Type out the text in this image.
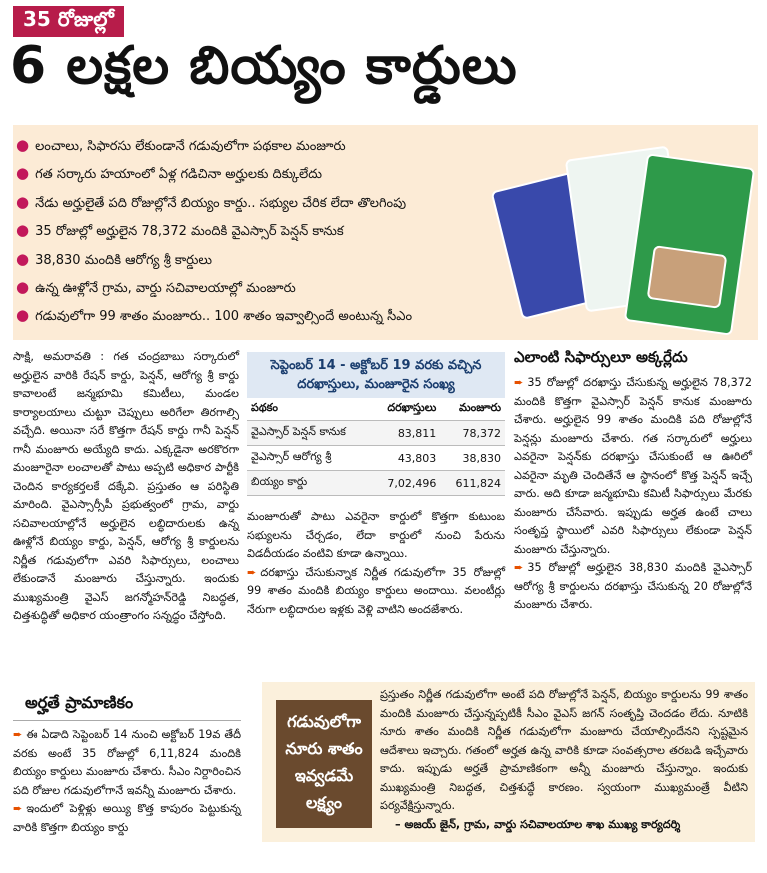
35 రోజుల్లో
6 లక్షల బియ్యం కార్డులు
● లంచాలు, సిఫారసు లేకుండానే గడువులోగా పథకాల మంజూరు
● గత సర్కారు హయాంలో ఏళ్ల గడిచినా అర్హులకు దిక్కులేదు
● నేడు అర్హులైతే పది రోజుల్లోనే బియ్యం కార్డు.. సభ్యుల చేరిక లేదా తొలగింపు
● 35 రోజుల్లో అర్హులైన 78,372 మందికి వైఎస్సార్ పెన్షన్ కానుక
● 38,830 మందికి ఆరోగ్య శ్రీ కార్డులు
● ఉన్న ఊళ్లోనే గ్రామ, వార్డు సచివాలయాల్లో మంజూరు
● గడువులోగా 99 శాతం మంజూరు.. 100 శాతం ఇవ్వాల్సిందే అంటున్న సీఎం

సాక్షి, అమరావతి : గత చంద్రబాబు సర్కారులో అర్హులైన వారికి రేషన్ కార్డు, పెన్షన్, ఆరోగ్య శ్రీ కార్డు కావాలంటే జన్మభూమి కమిటీలు, మండల కార్యాలయాలు చుట్టూ చెప్పులు అరిగేలా తిరగాల్సి వచ్చేది. అయినా సరే కొత్తగా రేషన్ కార్డు గానీ పెన్షన్ గానీ మంజూరు అయ్యేది కాదు. ఎక్కడైనా అరకొరగా మంజూరైనా లంచాలతో పాటు అప్పటి అధికార పార్టీకి చెందిన కార్యకర్తలకే దక్కేవి. ప్రస్తుతం ఆ పరిస్థితి మారింది. వైఎస్సార్సీపీ ప్రభుత్వంలో గ్రామ, వార్డు సచివాలయాల్లోనే అర్హులైన లబ్ధిదారులకు ఉన్న ఊళ్లోనే బియ్యం కార్డు, పెన్షన్, ఆరోగ్య శ్రీ కార్డులను నిర్ణీత గడువులోగా ఎవరి సిఫార్సులు, లంచాలు లేకుండానే మంజూరు చేస్తున్నారు. ఇందుకు ముఖ్యమంత్రి వైఎస్ జగన్మోహన్‌రెడ్డి నిబద్ధత, చిత్తశుద్ధితో అధికార యంత్రాంగం సన్నద్ధం చేస్తోంది.

సెప్టెంబర్ 14 - అక్టోబర్ 19 వరకు వచ్చిన దరఖాస్తులు, మంజూరైన సంఖ్య
పథకం	దరఖాస్తులు	మంజూరు
వైఎస్సార్ పెన్షన్ కానుక	83,811	78,372
వైఎస్సార్ ఆరోగ్య శ్రీ	43,803	38,830
బియ్యం కార్డు	7,02,496	611,824

మంజూరుతో పాటు ఎవరైనా కార్డులో కొత్తగా కుటుంబ సభ్యులను చేర్చడం, లేదా కార్డులో నుంచి పేరును విడదీయడం వంటివి కూడా ఉన్నాయి.

➨ దరఖాస్తు చేసుకున్నాక నిర్ణీత గడువులోగా 35 రోజుల్లో 99 శాతం మందికి బియ్యం కార్డులు అందాయి. వలంటీర్లు నేరుగా లబ్ధిదారుల ఇళ్లకు వెళ్లి వాటిని అందజేశారు.

ఎలాంటి సిఫార్సులూ అక్కర్లేదు

➨ 35 రోజుల్లో దరఖాస్తు చేసుకున్న అర్హులైన 78,372 మందికి కొత్తగా వైఎస్సార్ పెన్షన్ కానుక మంజూరు చేశారు. అర్హులైన 99 శాతం మందికి పది రోజుల్లోనే పెన్షన్లు మంజూరు చేశారు. గత సర్కారులో అర్హులు ఎవరైనా పెన్షన్‌కు దరఖాస్తు చేసుకుంటే ఆ ఊరిలో ఎవరైనా మృతి చెందితేనే ఆ స్థానంలో కొత్త పెన్షన్ ఇచ్చే వారు. అది కూడా జన్మభూమి కమిటీ సిఫార్సులు మేరకు మంజూరు చేసేవారు. ఇప్పుడు అర్హత ఉంటే చాలు సంతృప్త స్థాయిలో ఎవరి సిఫార్సులు లేకుండా పెన్షన్ మంజూరు చేస్తున్నారు.

➨ 35 రోజుల్లో అర్హులైన 38,830 మందికి వైఎస్సార్ ఆరోగ్య శ్రీ కార్డులను దరఖాస్తు చేసుకున్న 20 రోజుల్లోనే మంజూరు చేశారు.

అర్హతే ప్రామాణికం

➨ ఈ ఏడాది సెప్టెంబర్ 14 నుంచి అక్టోబర్ 19వ తేదీ వరకు అంటే 35 రోజుల్లో 6,11,824 మందికి బియ్యం కార్డులు మంజూరు చేశారు. సీఎం నిర్దారించిన పది రోజుల గడువులోగానే ఇవన్నీ మంజూరు చేశారు.

➨ ఇందులో పెళ్లిళ్లు అయ్యి కొత్త కాపురం పెట్టుకున్న వారికి కొత్తగా బియ్యం కార్డు

గడువులోగా నూరు శాతం ఇవ్వడమే లక్ష్యం

ప్రస్తుతం నిర్ణీత గడువులోగా అంటే పది రోజుల్లోనే పెన్షన్, బియ్యం కార్డులను 99 శాతం మందికి మంజూరు చేస్తున్నప్పటికీ సీఎం వైఎస్ జగన్ సంతృప్తి చెందడం లేదు. నూటికి నూరు శాతం మందికి నిర్ణీత గడువులోగా మంజూరు చేయాల్సిందేనని స్పష్టమైన ఆదేశాలు ఇచ్చారు. గతంలో అర్హత ఉన్న వారికి కూడా సంవత్సరాల తరబడి ఇచ్చేవారు కాదు. ఇప్పుడు అర్హతే ప్రామాణికంగా అన్నీ మంజూరు చేస్తున్నాం. ఇందుకు ముఖ్యమంత్రి నిబద్ధత, చిత్తశుద్ధే కారణం. స్వయంగా ముఖ్యమంత్రే వీటిని పర్యవేక్షిస్తున్నారు.

– అజయ్ జైన్, గ్రామ, వార్డు సచివాలయాల శాఖ ముఖ్య కార్యదర్శి
